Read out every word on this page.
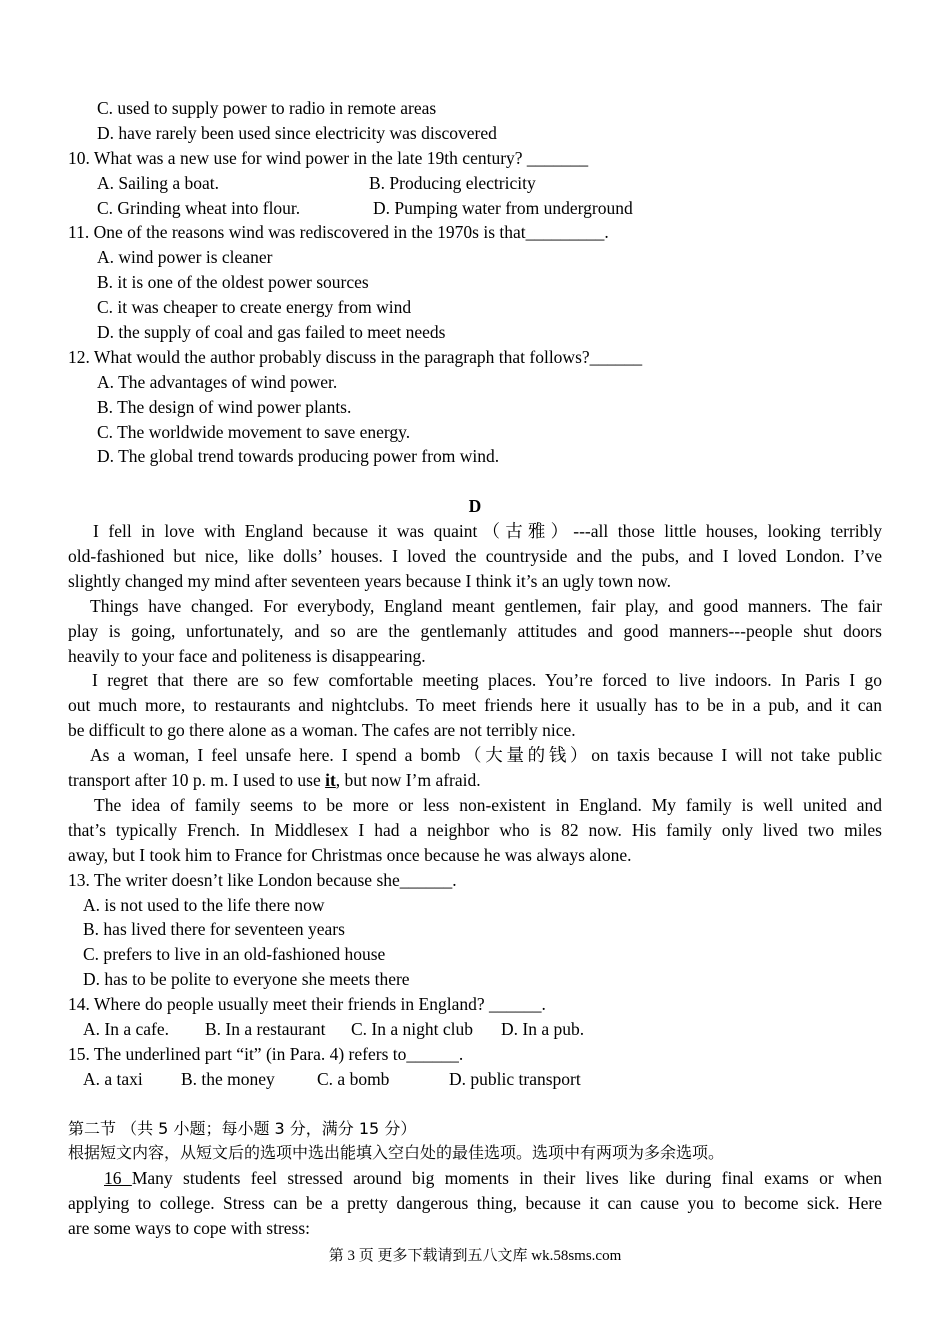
C. used to supply power to radio in remote areas
D. have rarely been used since electricity was discovered
10. What was a new use for wind power in the late 19th century? _______
A. Sailing a boat.	B. Producing electricity
C. Grinding wheat into flour.	D. Pumping water from underground
11. One of the reasons wind was rediscovered in the 1970s is that_________.
A. wind power is cleaner
B. it is one of the oldest power sources
C. it was cheaper to create energy from wind
D. the supply of coal and gas failed to meet needs
12. What would the author probably discuss in the paragraph that follows?______
A. The advantages of wind power.
B. The design of wind power plants.
C. The worldwide movement to save energy.
D. The global trend towards producing power from wind.
D
I fell in love with England because it was quaint（古雅）---all those little houses, looking terribly
old-fashioned but nice, like dolls’ houses. I loved the countryside and the pubs, and I loved London. I’ve
slightly changed my mind after seventeen years because I think it’s an ugly town now.
Things have changed. For everybody, England meant gentlemen, fair play, and good manners. The fair
play is going, unfortunately, and so are the gentlemanly attitudes and good manners---people shut doors
heavily to your face and politeness is disappearing.
I regret that there are so few comfortable meeting places. You’re forced to live indoors. In Paris I go
out much more, to restaurants and nightclubs. To meet friends here it usually has to be in a pub, and it can
be difficult to go there alone as a woman. The cafes are not terribly nice.
As a woman, I feel unsafe here. I spend a bomb（大量的钱）on taxis because I will not take public
transport after 10 p. m. I used to use it, but now I’m afraid.
The idea of family seems to be more or less non-existent in England. My family is well united and
that’s typically French. In Middlesex I had a neighbor who is 82 now. His family only lived two miles
away, but I took him to France for Christmas once because he was always alone.
13. The writer doesn’t like London because she______.
A. is not used to the life there now
B. has lived there for seventeen years
C. prefers to live in an old-fashioned house
D. has to be polite to everyone she meets there
14. Where do people usually meet their friends in England? ______.
A. In a cafe. B. In a restaurant C. In a night club D. In a pub.
15. The underlined part “it” (in Para. 4) refers to______.
A. a taxi B. the money C. a bomb	D. public transport
第二节 （共 5 小题；每小题 3 分，满分 15 分）
根据短文内容，从短文后的选项中选出能填入空白处的最佳选项。选项中有两项为多余选项。
16 Many students feel stressed around big moments in their lives like during final exams or when
applying to college. Stress can be a pretty dangerous thing, because it can cause you to become sick. Here
are some ways to cope with stress:
第 3 页 更多下载请到五八文库 wk.58sms.com
